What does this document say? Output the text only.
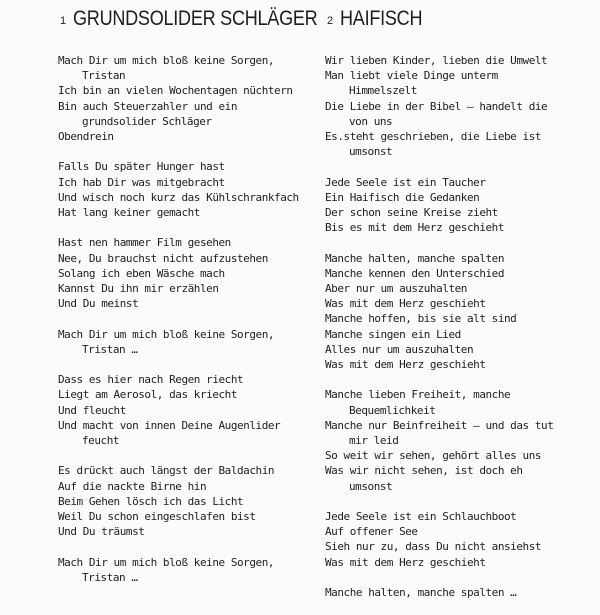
1 GRUNDSOLIDER SCHLÄGER
Mach Dir um mich bloß keine Sorgen,
Tristan
Ich bin an vielen Wochentagen nüchtern
Bin auch Steuerzahler und ein
grundsolider Schläger
Obendrein
Falls Du später Hunger hast
Ich hab Dir was mitgebracht
Und wisch noch kurz das Kühlschrankfach
Hat lang keiner gemacht
Hast nen hammer Film gesehen
Nee, Du brauchst nicht aufzustehen
Solang ich eben Wäsche mach
Kannst Du ihn mir erzählen
Und Du meinst
Mach Dir um mich bloß keine Sorgen,
Tristan …
Dass es hier nach Regen riecht
Liegt am Aerosol, das kriecht
Und fleucht
Und macht von innen Deine Augenlider
feucht
Es drückt auch längst der Baldachin
Auf die nackte Birne hin
Beim Gehen lösch ich das Licht
Weil Du schon eingeschlafen bist
Und Du träumst
Mach Dir um mich bloß keine Sorgen,
Tristan …
2 HAIFISCH
Wir lieben Kinder, lieben die Umwelt
Man liebt viele Dinge unterm
Himmelszelt
Die Liebe in der Bibel – handelt die
von uns
Es.steht geschrieben, die Liebe ist
umsonst
Jede Seele ist ein Taucher
Ein Haifisch die Gedanken
Der schon seine Kreise zieht
Bis es mit dem Herz geschieht
Manche halten, manche spalten
Manche kennen den Unterschied
Aber nur um auszuhalten
Was mit dem Herz geschieht
Manche hoffen, bis sie alt sind
Manche singen ein Lied
Alles nur um auszuhalten
Was mit dem Herz geschieht
Manche lieben Freiheit, manche
Bequemlichkeit
Manche nur Beinfreiheit – und das tut
mir leid
So weit wir sehen, gehört alles uns
Was wir nicht sehen, ist doch eh
umsonst
Jede Seele ist ein Schlauchboot
Auf offener See
Sieh nur zu, dass Du nicht ansiehst
Was mit dem Herz geschieht
Manche halten, manche spalten …
